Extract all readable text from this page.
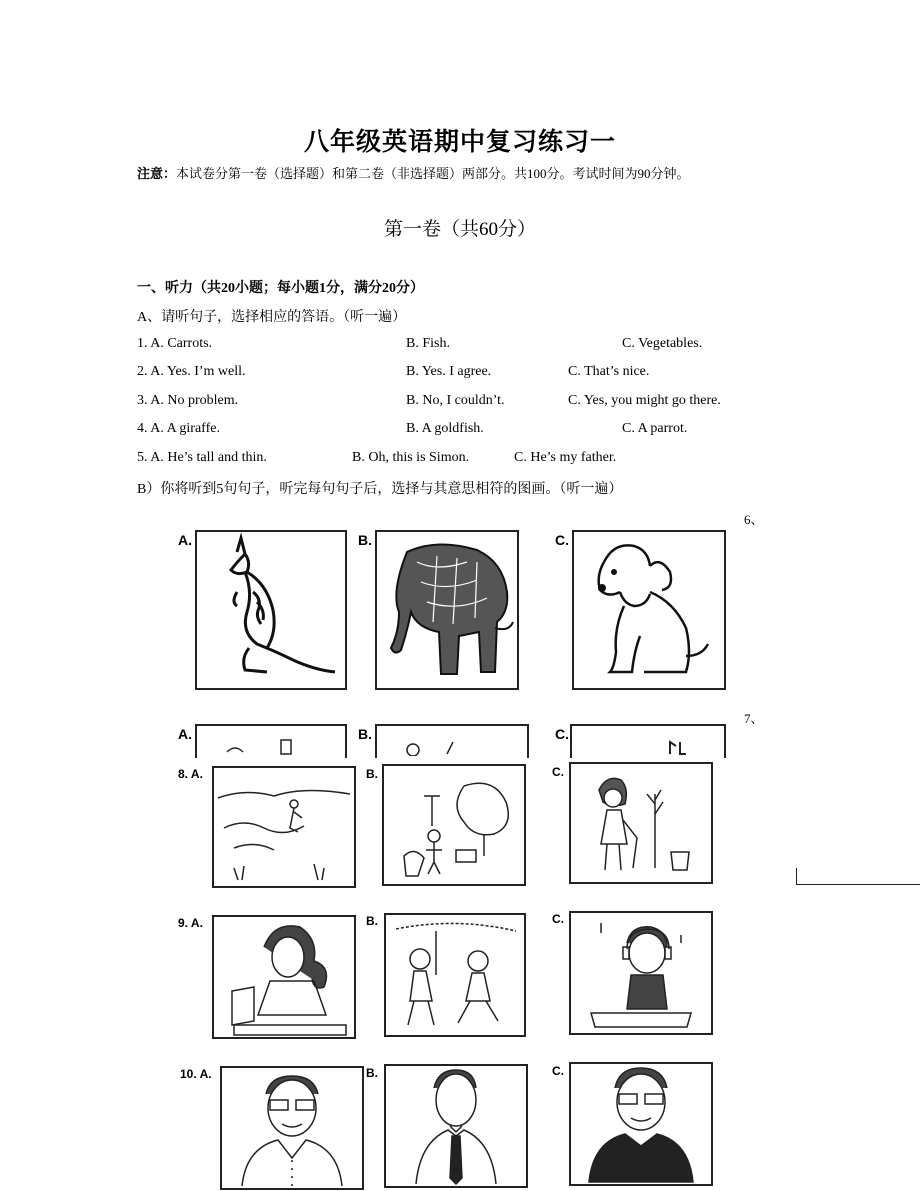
八年级英语期中复习练习一
注意：本试卷分第一卷（选择题）和第二卷（非选择题）两部分。共100分。考试时间为90分钟。
第一卷（共60分）
一、听力（共20小题；每小题1分，满分20分）
A、请听句子，选择相应的答语。（听一遍）
1. A. Carrots.	B. Fish.	C. Vegetables.
2. A. Yes. I’m well.	B. Yes. I agree.	C. That’s nice.
3. A. No problem.	B. No, I couldn’t.	C. Yes, you might go there.
4. A. A giraffe.	B. A goldfish.	C. A parrot.
5. A. He’s tall and thin.	B. Oh, this is Simon.	C. He’s my father.
B）你将听到5句句子，听完每句句子后，选择与其意思相符的图画。（听一遍）
6、
A.	B.	C.
7、
A.	B.	C.
8. A.	B.	C.
9. A.	B.	C.
10. A.	B.	C.
